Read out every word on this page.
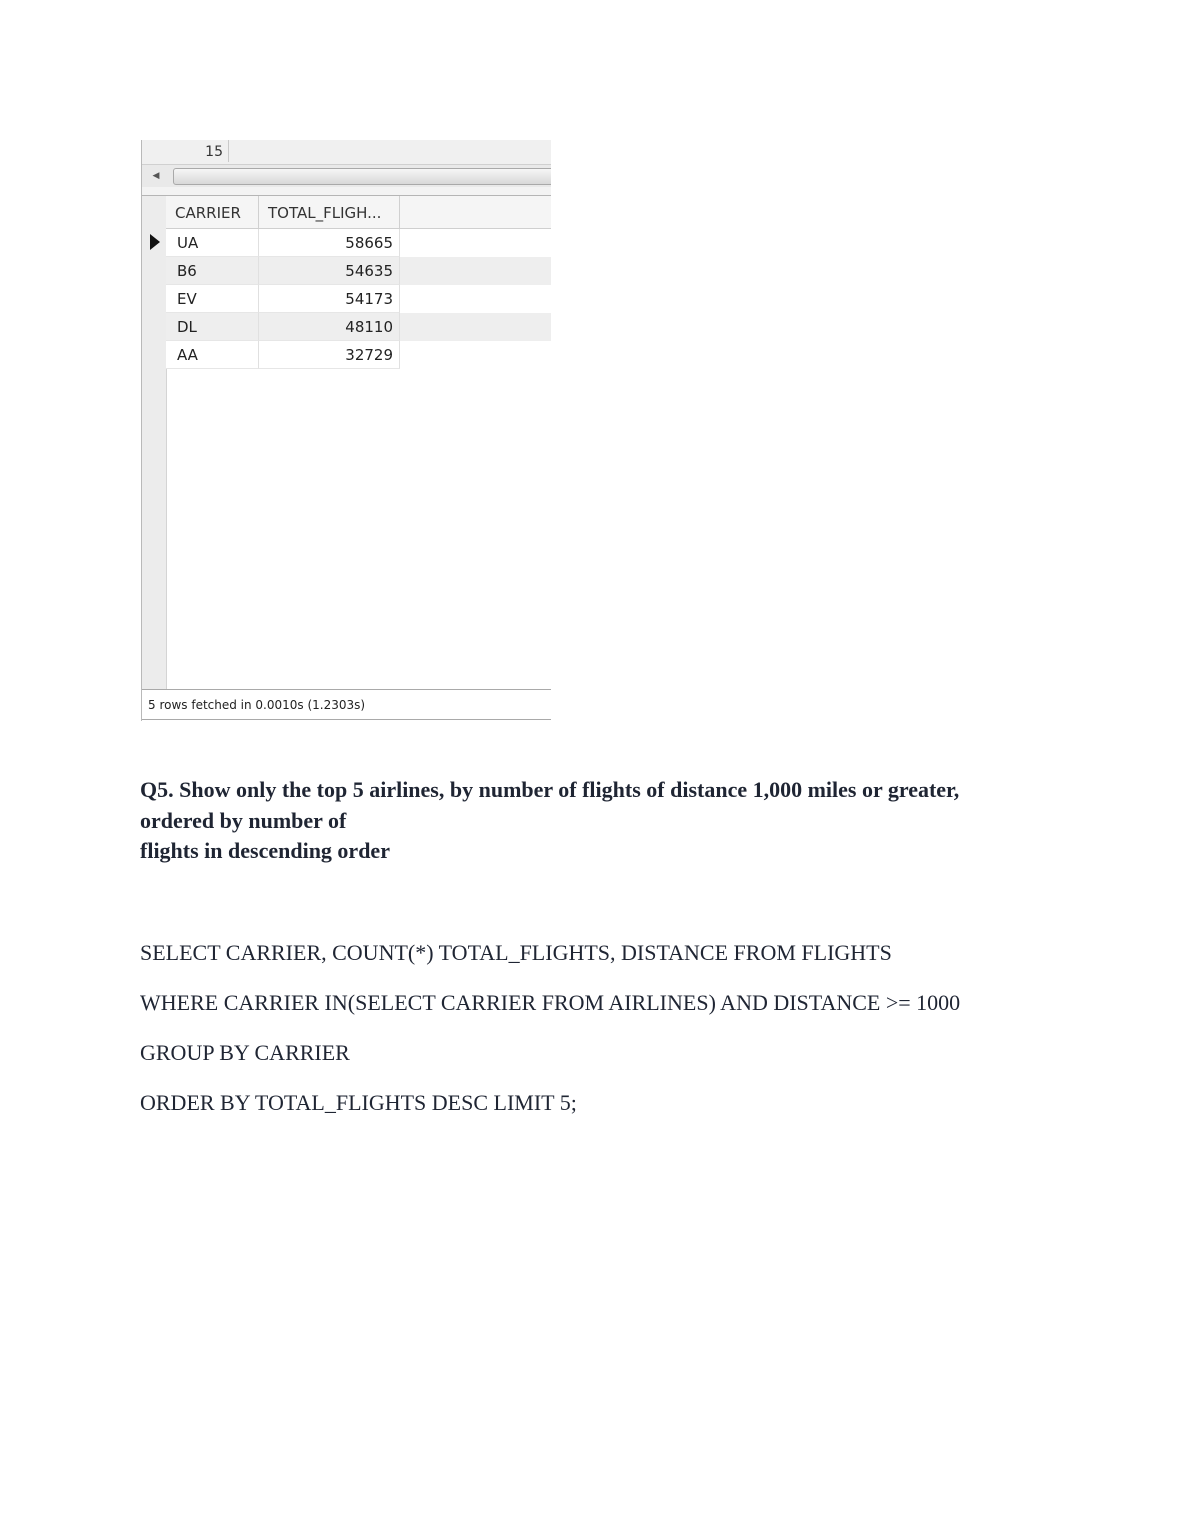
15
◀
CARRIER	TOTAL_FLIGH...
UA	58665
B6	54635
EV	54173
DL	48110
AA	32729
5 rows fetched in 0.0010s (1.2303s)
Q5. Show only the top 5 airlines, by number of flights of distance 1,000 miles or greater,
ordered by number of
flights in descending order
SELECT CARRIER, COUNT(*) TOTAL_FLIGHTS, DISTANCE FROM FLIGHTS
WHERE CARRIER IN(SELECT CARRIER FROM AIRLINES) AND DISTANCE >= 1000
GROUP BY CARRIER
ORDER BY TOTAL_FLIGHTS DESC LIMIT 5;
